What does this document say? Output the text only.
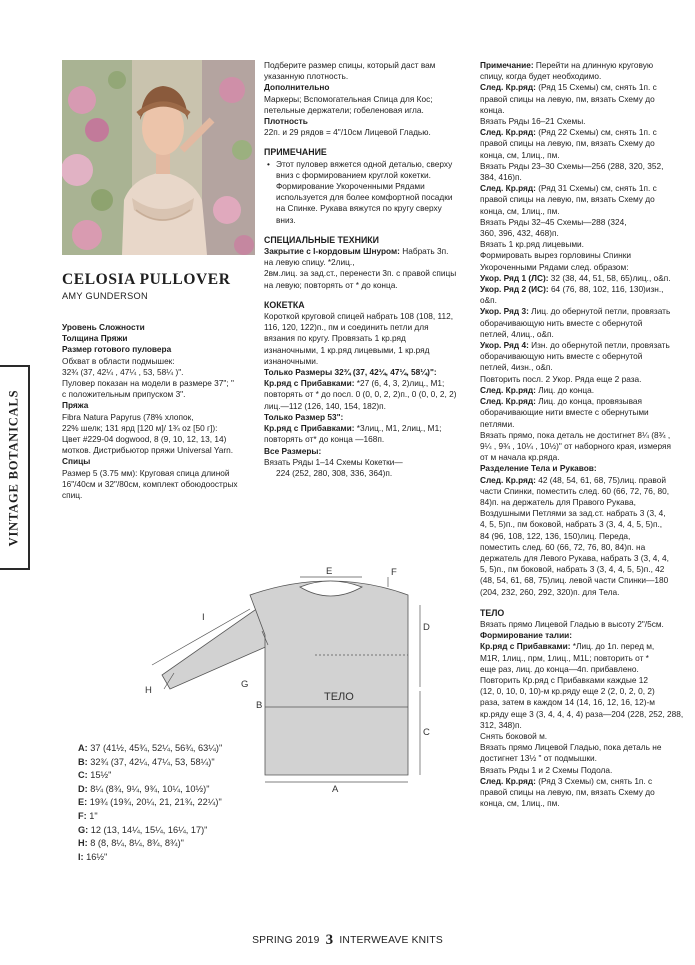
CELOSIA PULLOVER
AMY GUNDERSON
VINTAGE BOTANICALS

Уровень Сложности

Толщина Пряжи

Размер готового пуловера

Обхват в области подмышек:

32¾ (37, 42¼ , 47¼ , 53, 58¼ )".

Пуловер показан на модели в размере 37"; "

с положительным припуском 3".

Пряжа

Fibra Natura Papyrus (78% хлопок,

22% шелк; 131 ярд [120 м]/ 1¾ oz [50 г]):

Цвет #229-04 dogwood, 8 (9, 10, 12, 13, 14)

мотков. Дистрибьютор пряжи Universal Yarn.

Спицы

Размер 5 (3.75 мм): Круговая спица длиной

16"/40см и 32"/80см, комплект обоюдоострых

спиц.

Подберите размер спицы, который даст вам

указанную плотность.

Дополнительно

Маркеры; Вспомогательная Спица для Кос;

петельные держатели; гобеленовая игла.

Плотность

22п. и 29 рядов = 4"/10см Лицевой Гладью.

ПРИМЕЧАНИЕ

• Этот пуловер вяжется одной деталью, сверху
вниз с формированием круглой кокетки.
Формирование Укороченными Рядами
используется для более комфортной посадки
на Спинке. Рукава вяжутся по кругу сверху
вниз.

СПЕЦИАЛЬНЫЕ ТЕХНИКИ

Закрытие с I-кордовым Шнуром: Набрать 3п.

на левую спицу. *2лиц.,

2вм.лиц. за зад.ст., перенести 3п. с правой спицы

на левую; повторять от * до конца.

КОКЕТКА

Короткой круговой спицей набрать 108 (108, 112,

116, 120, 122)п., пм и соединить петли для

вязания по кругу. Провязать 1 кр.ряд

изнаночными, 1 кр.ряд лицевыми, 1 кр.ряд

изнаночными.

Только Размеры 32¾ (37, 42¼, 47¼, 58¼)":

Кр.ряд с Прибавками: *27 (6, 4, 3, 2)лиц., M1;

повторять от * до посл. 0 (0, 0, 2, 2)п., 0 (0, 0, 2, 2)

лиц.—112 (126, 140, 154, 182)п.

Только Размер 53":

Кр.ряд с Прибавками: *3лиц., M1, 2лиц., M1;

повторять от* до конца —168п.

Все Размеры:

Вязать Ряды 1–14 Схемы Кокетки—

224 (252, 280, 308, 336, 364)п.

Примечание: Перейти на длинную круговую

спицу, когда будет необходимо.

След. Кр.ряд: (Ряд 15 Схемы) см, снять 1п. с

правой спицы на левую, пм, вязать Схему до

конца.

Вязать Ряды 16–21 Схемы.

След. Кр.ряд: (Ряд 22 Схемы) см, снять 1п. с

правой спицы на левую, пм, вязать Схему до

конца, см, 1лиц., пм.

Вязать Ряды 23–30 Схемы—256 (288, 320, 352,

384, 416)п.

След. Кр.ряд: (Ряд 31 Схемы) см, снять 1п. с

правой спицы на левую, пм, вязать Схему до

конца, см, 1лиц., пм.

Вязать Ряды 32–45 Схемы—288 (324,

360, 396, 432, 468)п.

Вязать 1 кр.ряд лицевыми.

Формировать вырез горловины Спинки

Укороченными Рядами след. образом:

Укор. Ряд 1 (ЛС): 32 (38, 44, 51, 58, 65)лиц., о&п.

Укор. Ряд 2 (ИС): 64 (76, 88, 102, 116, 130)изн.,

о&п.

Укор. Ряд 3: Лиц. до обернутой петли, провязать

оборачивающую нить вместе с обернутой

петлей, 4лиц., о&п.

Укор. Ряд 4: Изн. до обернутой петли, провязать

оборачивающую нить вместе с обернутой

петлей, 4изн., о&п.

Повторить посл. 2 Укор. Ряда еще 2 раза.

След. Кр.ряд: Лиц. до конца.

След. Кр.ряд: Лиц. до конца, провязывая

оборачивающие нити вместе с обернутыми

петлями.

Вязать прямо, пока деталь не достигнет 8¼ (8¾ ,

9¼ , 9¾ , 10¼ , 10½)" от наборного края, измеряя

от м начала кр.ряда.

Разделение Тела и Рукавов:

След. Кр.ряд: 42 (48, 54, 61, 68, 75)лиц. правой

части Спинки, поместить след. 60 (66, 72, 76, 80,

84)п. на держатель для Правого Рукава,

Воздушными Петлями за зад.ст. набрать 3 (3, 4,

4, 5, 5)п., пм боковой, набрать 3 (3, 4, 4, 5, 5)п.,

84 (96, 108, 122, 136, 150)лиц. Переда,

поместить след. 60 (66, 72, 76, 80, 84)п. на

держатель для Левого Рукава, набрать 3 (3, 4, 4,

5, 5)п., пм боковой, набрать 3 (3, 4, 4, 5, 5)п., 42

(48, 54, 61, 68, 75)лиц. левой части Спинки—180

(204, 232, 260, 292, 320)п. для Тела.

ТЕЛО

Вязать прямо Лицевой Гладью в высоту 2"/5см.

Формирование талии:

Кр.ряд с Прибавками: *Лиц. до 1п. перед м,

M1R, 1лиц., прм, 1лиц., M1L; повторить от *

еще раз, лиц. до конца—4п. прибавлено.

Повторить Кр.ряд с Прибавками каждые 12

(12, 0, 10, 0, 10)-м кр.ряду еще 2 (2, 0, 2, 0, 2)

раза, затем в каждом 14 (14, 16, 12, 16, 12)-м

кр.ряду еще 3 (3, 4, 4, 4, 4) раза—204 (228, 252, 288,

312, 348)п.

Снять боковой м.

Вязать прямо Лицевой Гладью, пока деталь не

достигнет 13½ " от подмышки.

Вязать Ряды 1 и 2 Схемы Подола.

След. Кр.ряд: (Ряд 3 Схемы) см, снять 1п. с

правой спицы на левую, пм, вязать Схему до

конца, см, 1лиц., пм.

ТЕЛО
A
B
C
D
E	F
G
H
I
A: 37 (41½, 45¾, 52¼, 56¾, 63¼)"
B: 32¾ (37, 42¼, 47¼, 53, 58¼)"
C: 15½"
D: 8¼ (8¾, 9¼, 9¾, 10¼, 10½)"
E: 19¾ (19¾, 20¼, 21, 21¾, 22¼)"
F: 1"
G: 12 (13, 14¼, 15¼, 16¼, 17)"
H: 8 (8, 8¼, 8¼, 8¾, 8¾)"
I: 16½"
SPRING 2019 3 INTERWEAVE KNITS
